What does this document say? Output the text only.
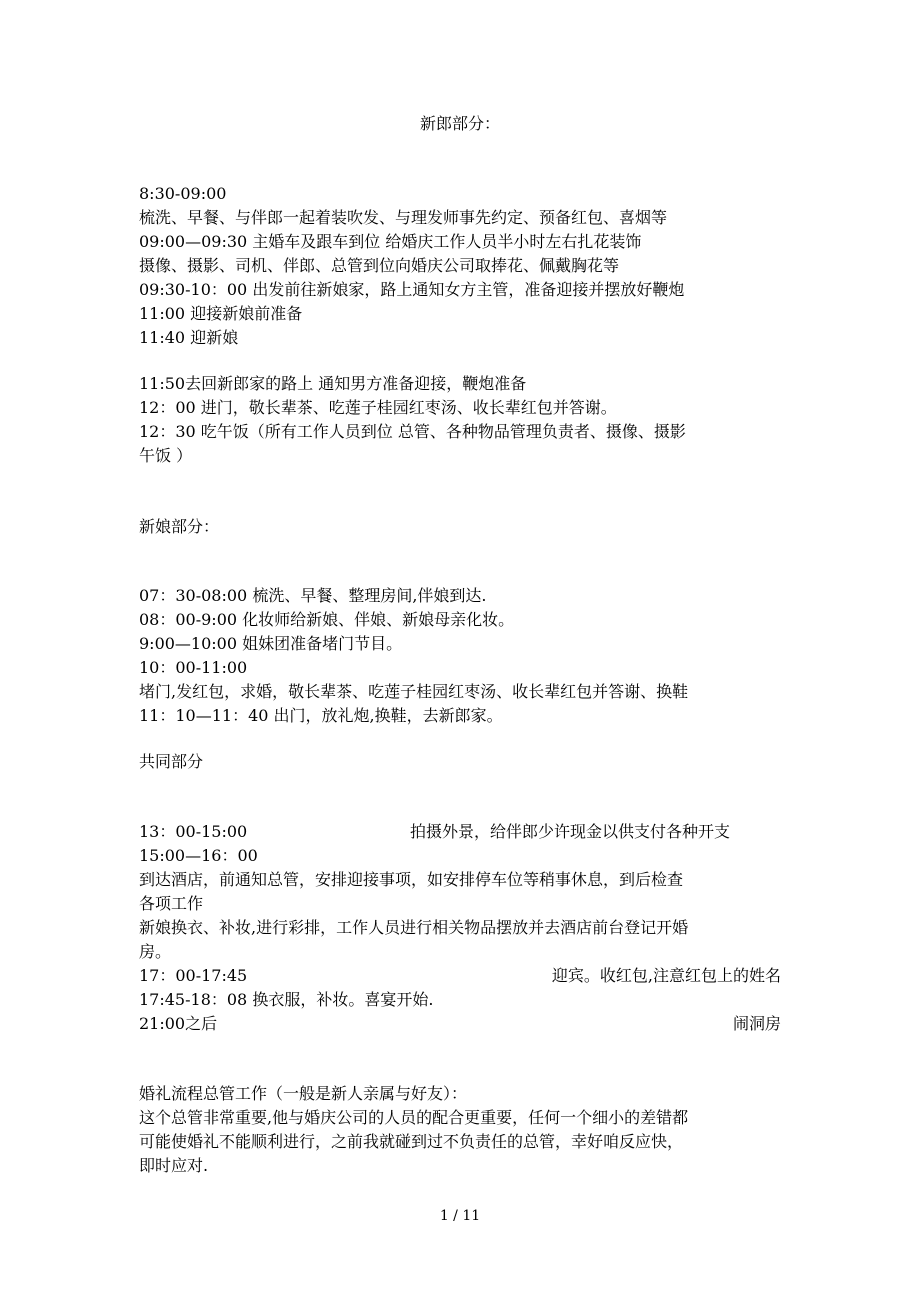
新郎部分：
8:30-09:00
梳洗、早餐、与伴郎一起着装吹发、与理发师事先约定、预备红包、喜烟等
09:00—09:30 主婚车及跟车到位 给婚庆工作人员半小时左右扎花装饰
摄像、摄影、司机、伴郎、总管到位向婚庆公司取捧花、佩戴胸花等
09:30-10：00 出发前往新娘家，路上通知女方主管，准备迎接并摆放好鞭炮
11:00 迎接新娘前准备
11:40 迎新娘
11:50去回新郎家的路上 通知男方准备迎接，鞭炮准备
12：00 进门，敬长辈茶、吃莲子桂园红枣汤、收长辈红包并答谢。
12：30 吃午饭（所有工作人员到位 总管、各种物品管理负责者、摄像、摄影
午饭 ）
新娘部分：
07：30-08:00 梳洗、早餐、整理房间,伴娘到达.
08：00-9:00 化妆师给新娘、伴娘、新娘母亲化妆。
9:00—10:00 姐妹团准备堵门节目。
10：00-11:00
堵门,发红包，求婚，敬长辈茶、吃莲子桂园红枣汤、收长辈红包并答谢、换鞋
11：10—11：40 出门，放礼炮,换鞋，去新郎家。
共同部分
13：00-15:00	拍摄外景，给伴郎少许现金以供支付各种开支
15:00—16：00
到达酒店，前通知总管，安排迎接事项，如安排停车位等稍事休息，到后检查
各项工作
新娘换衣、补妆,进行彩排，工作人员进行相关物品摆放并去酒店前台登记开婚
房。
17：00-17:45	迎宾。收红包,注意红包上的姓名
17:45-18：08 换衣服，补妆。喜宴开始.
21:00之后	闹洞房
婚礼流程总管工作（一般是新人亲属与好友）：
这个总管非常重要,他与婚庆公司的人员的配合更重要，任何一个细小的差错都
可能使婚礼不能顺利进行，之前我就碰到过不负责任的总管，幸好咱反应快，
即时应对.
1 / 11
